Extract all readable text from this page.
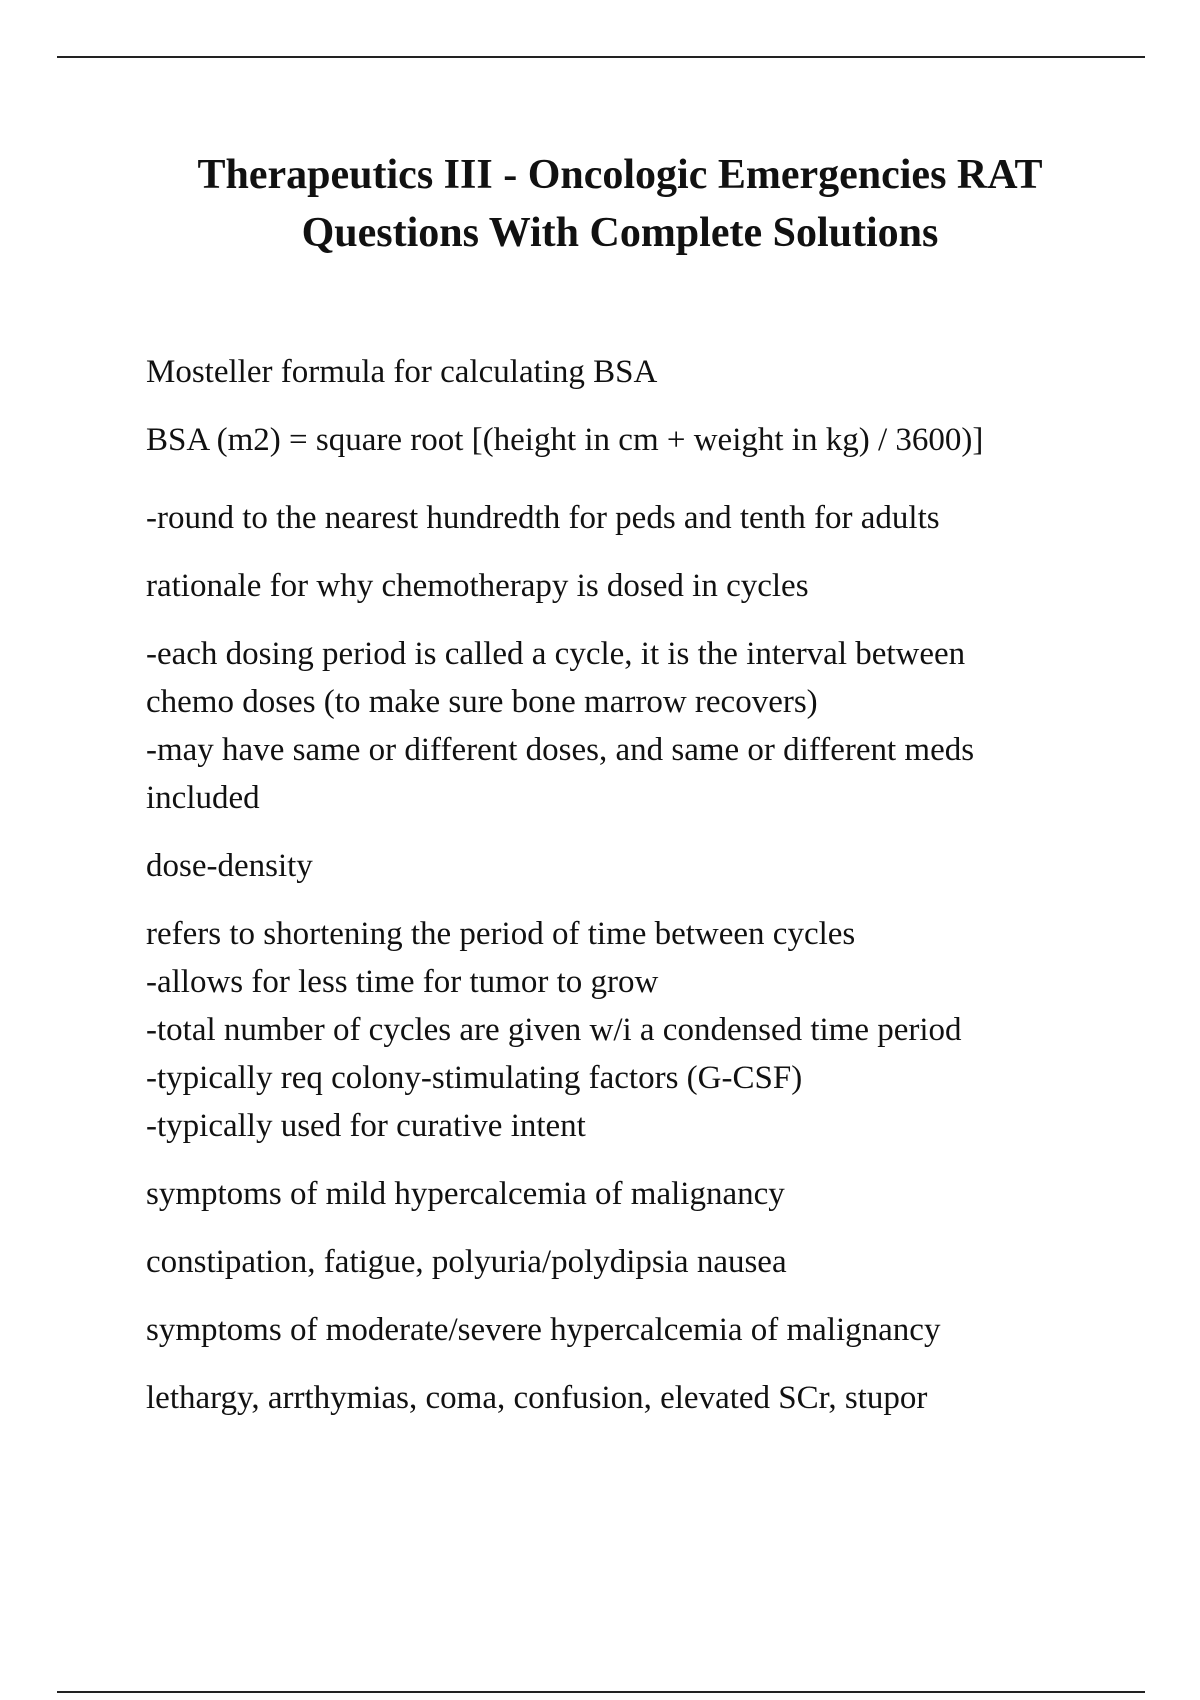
Therapeutics III - Oncologic Emergencies RAT
Questions With Complete Solutions

Mosteller formula for calculating BSA

BSA (m2) = square root [(height in cm + weight in kg) / 3600)]

-round to the nearest hundredth for peds and tenth for adults

rationale for why chemotherapy is dosed in cycles

-each dosing period is called a cycle, it is the interval between
chemo doses (to make sure bone marrow recovers)
-may have same or different doses, and same or different meds
included

dose-density

refers to shortening the period of time between cycles
-allows for less time for tumor to grow
-total number of cycles are given w/i a condensed time period
-typically req colony-stimulating factors (G-CSF)
-typically used for curative intent

symptoms of mild hypercalcemia of malignancy

constipation, fatigue, polyuria/polydipsia nausea

symptoms of moderate/severe hypercalcemia of malignancy

lethargy, arrthymias, coma, confusion, elevated SCr, stupor
